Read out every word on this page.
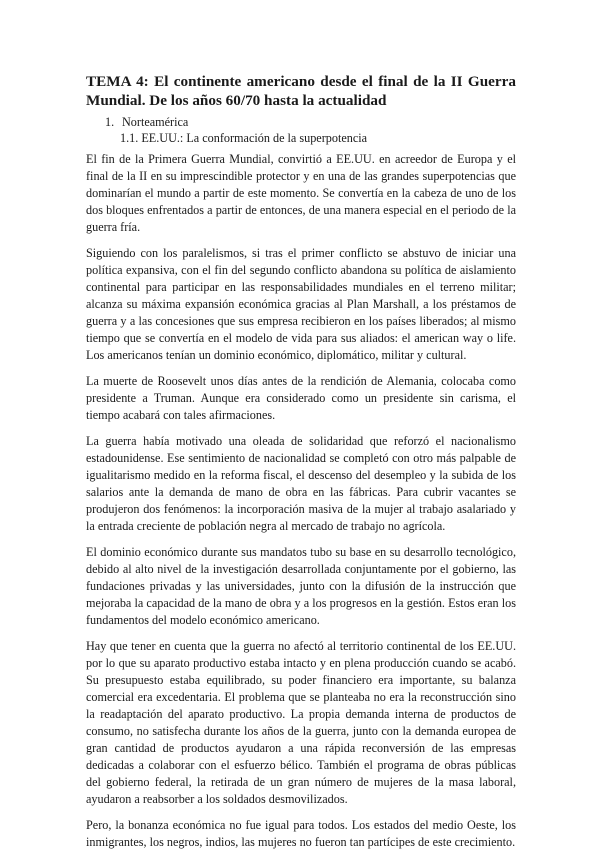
TEMA 4: El continente americano desde el final de la II Guerra Mundial. De los años 60/70 hasta la actualidad
1. Norteamérica
1.1. EE.UU.: La conformación de la superpotencia

El fin de la Primera Guerra Mundial, convirtió a EE.UU. en acreedor de Europa y el final de la II en su imprescindible protector y en una de las grandes superpotencias que dominarían el mundo a partir de este momento. Se convertía en la cabeza de uno de los dos bloques enfrentados a partir de entonces, de una manera especial en el periodo de la guerra fría.

Siguiendo con los paralelismos, si tras el primer conflicto se abstuvo de iniciar una política expansiva, con el fin del segundo conflicto abandona su política de aislamiento continental para participar en las responsabilidades mundiales en el terreno militar; alcanza su máxima expansión económica gracias al Plan Marshall, a los préstamos de guerra y a las concesiones que sus empresa recibieron en los países liberados; al mismo tiempo que se convertía en el modelo de vida para sus aliados: el american way o life. Los americanos tenían un dominio económico, diplomático, militar y cultural.

La muerte de Roosevelt unos días antes de la rendición de Alemania, colocaba como presidente a Truman. Aunque era considerado como un presidente sin carisma, el tiempo acabará con tales afirmaciones.

La guerra había motivado una oleada de solidaridad que reforzó el nacionalismo estadounidense. Ese sentimiento de nacionalidad se completó con otro más palpable de igualitarismo medido en la reforma fiscal, el descenso del desempleo y la subida de los salarios ante la demanda de mano de obra en las fábricas. Para cubrir vacantes se produjeron dos fenómenos: la incorporación masiva de la mujer al trabajo asalariado y la entrada creciente de población negra al mercado de trabajo no agrícola.

El dominio económico durante sus mandatos tubo su base en su desarrollo tecnológico, debido al alto nivel de la investigación desarrollada conjuntamente por el gobierno, las fundaciones privadas y las universidades, junto con la difusión de la instrucción que mejoraba la capacidad de la mano de obra y a los progresos en la gestión. Estos eran los fundamentos del modelo económico americano.

Hay que tener en cuenta que la guerra no afectó al territorio continental de los EE.UU. por lo que su aparato productivo estaba intacto y en plena producción cuando se acabó. Su presupuesto estaba equilibrado, su poder financiero era importante, su balanza comercial era excedentaria. El problema que se planteaba no era la reconstrucción sino la readaptación del aparato productivo. La propia demanda interna de productos de consumo, no satisfecha durante los años de la guerra, junto con la demanda europea de gran cantidad de productos ayudaron a una rápida reconversión de las empresas dedicadas a colaborar con el esfuerzo bélico. También el programa de obras públicas del gobierno federal, la retirada de un gran número de mujeres de la masa laboral, ayudaron a reabsorber a los soldados desmovilizados.

Pero, la bonanza económica no fue igual para todos. Los estados del medio Oeste, los inmigrantes, los negros, indios, las mujeres no fueron tan partícipes de este crecimiento.
